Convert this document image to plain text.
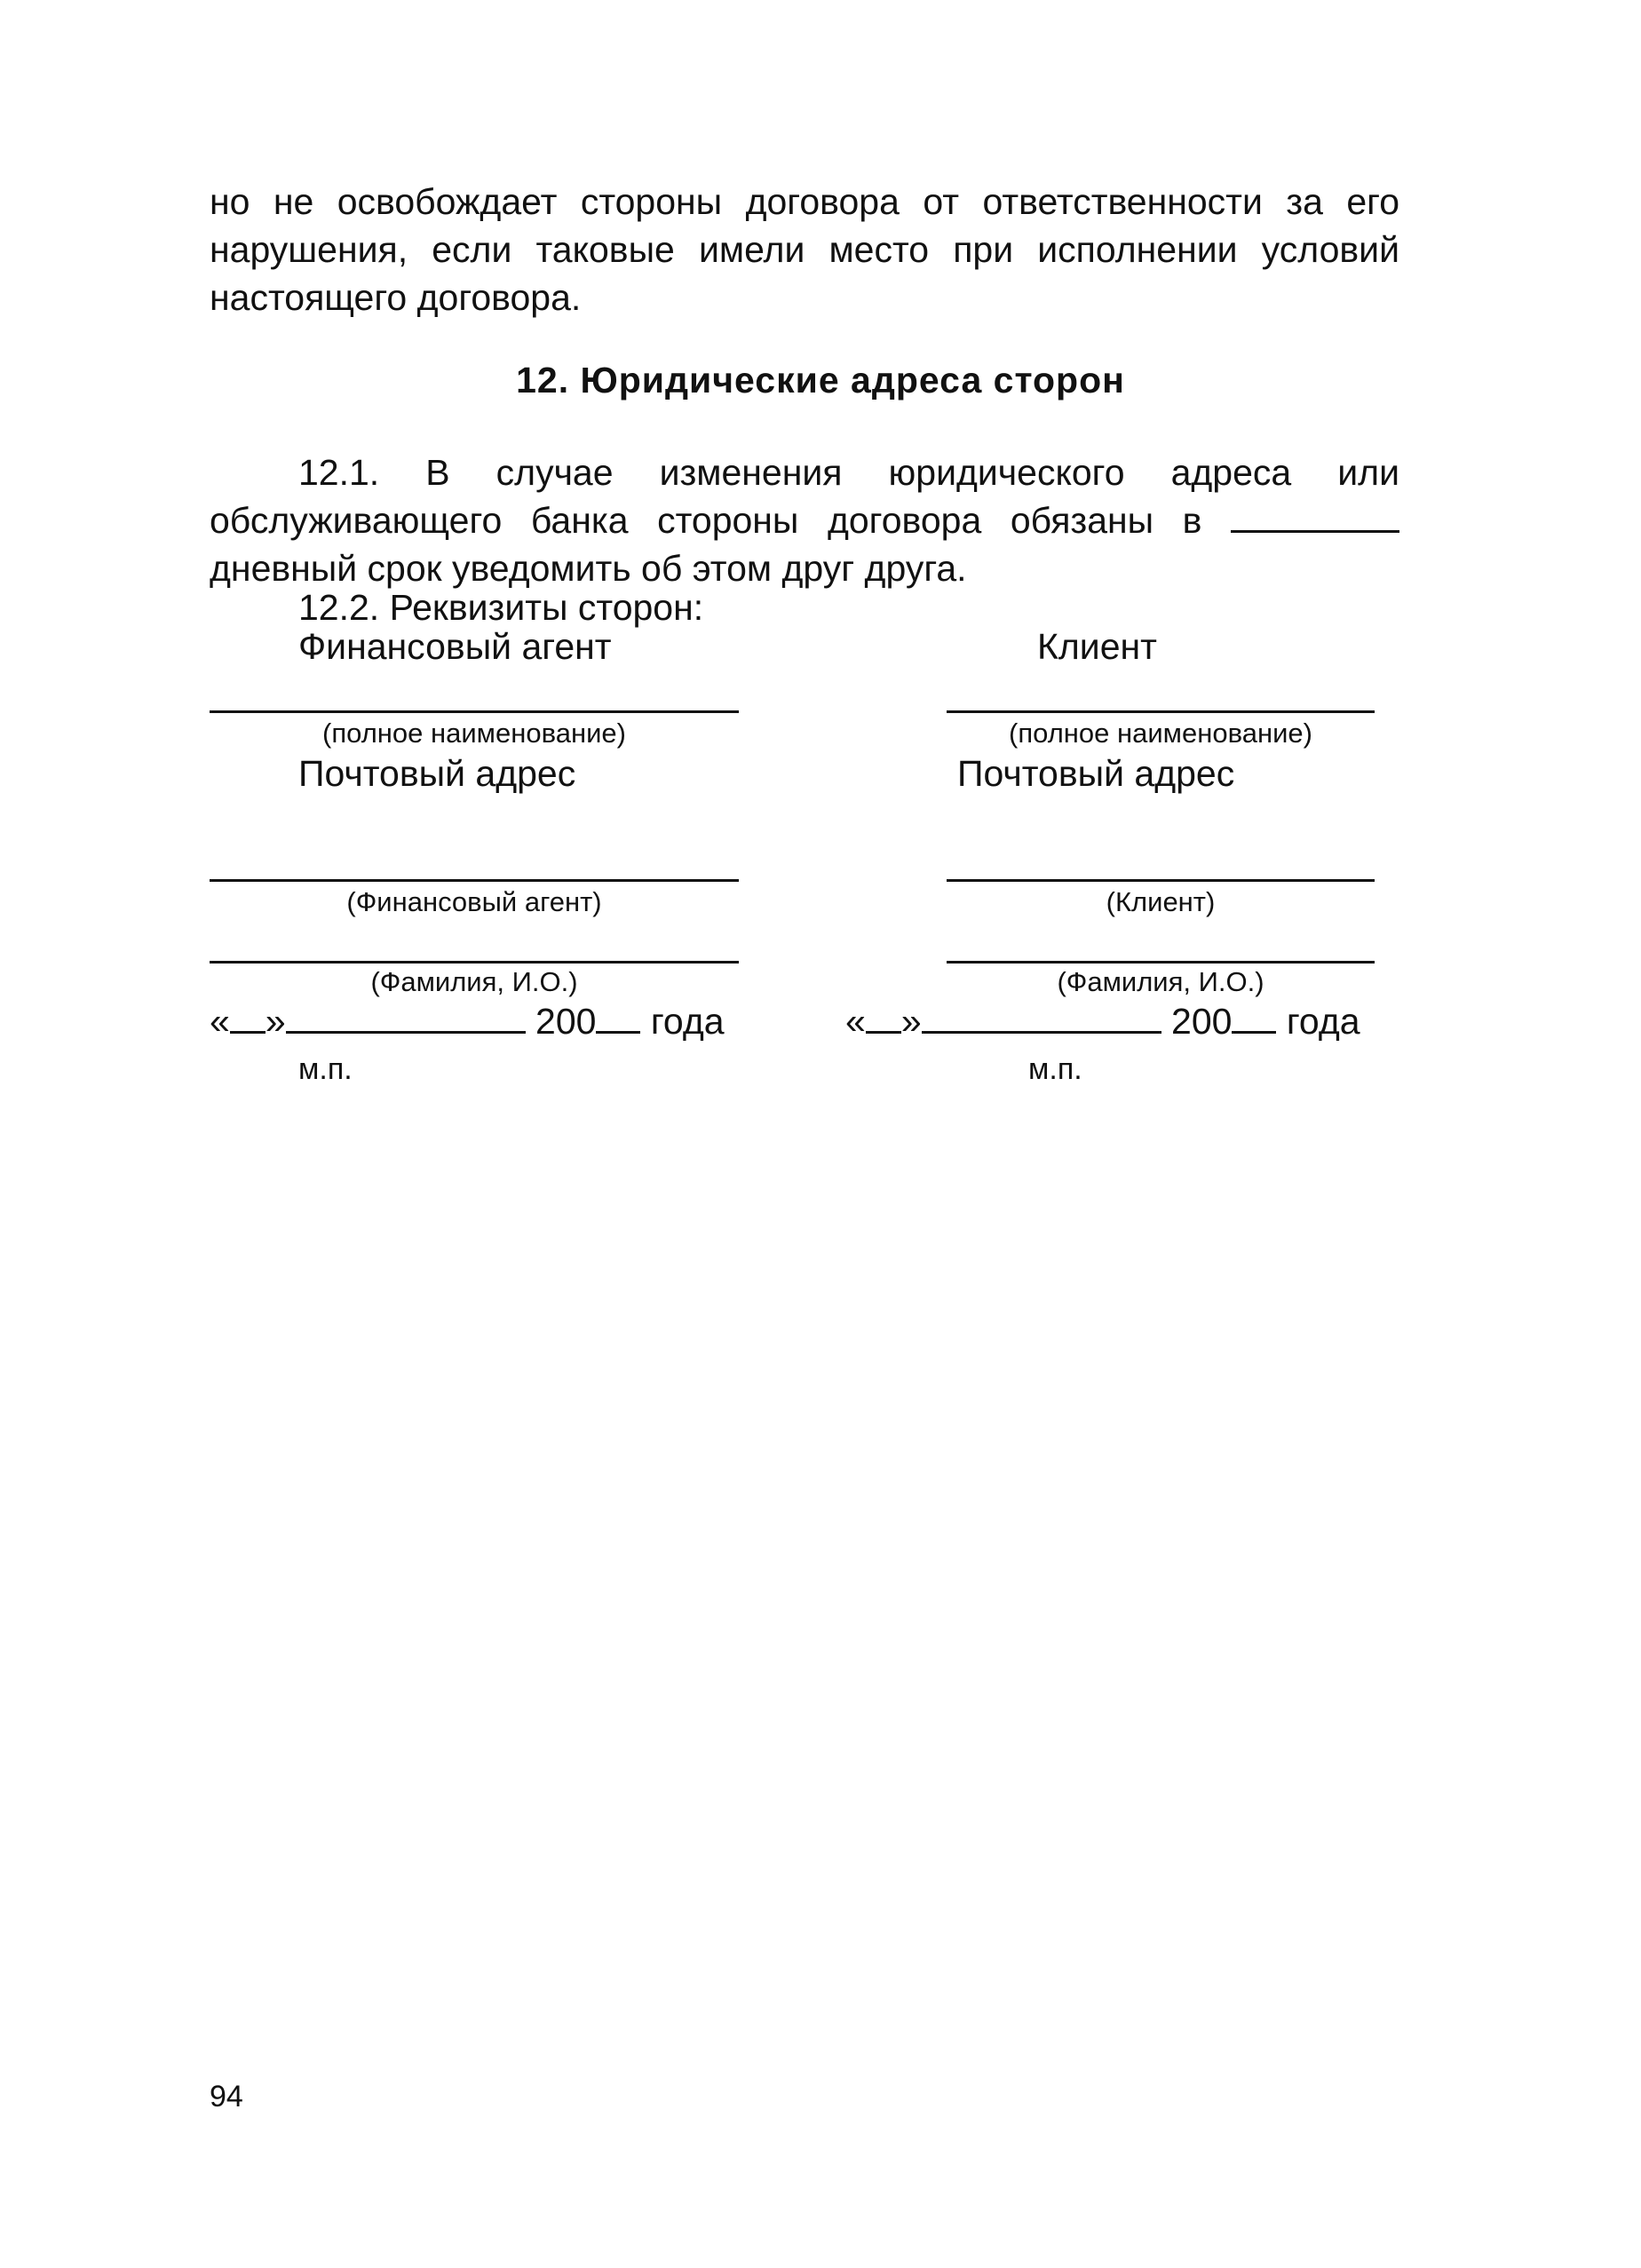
но не освобождает стороны договора от ответственности за его нарушения, если таковые имели место при исполнении условий настоящего договора.
12. Юридические адреса сторон
12.1. В случае изменения юридического адреса или обслуживающего банка стороны договора обязаны в  дневный срок уведомить об этом друг друга.
12.2. Реквизиты сторон:
Финансовый агент	Клиент
(полное наименование)	(полное наименование)
Почтовый адрес	Почтовый адрес
(Финансовый агент)	(Клиент)
(Фамилия, И.О.)	(Фамилия, И.О.)
« »	200 года	« »	200 года
м.п.	м.п.
94
